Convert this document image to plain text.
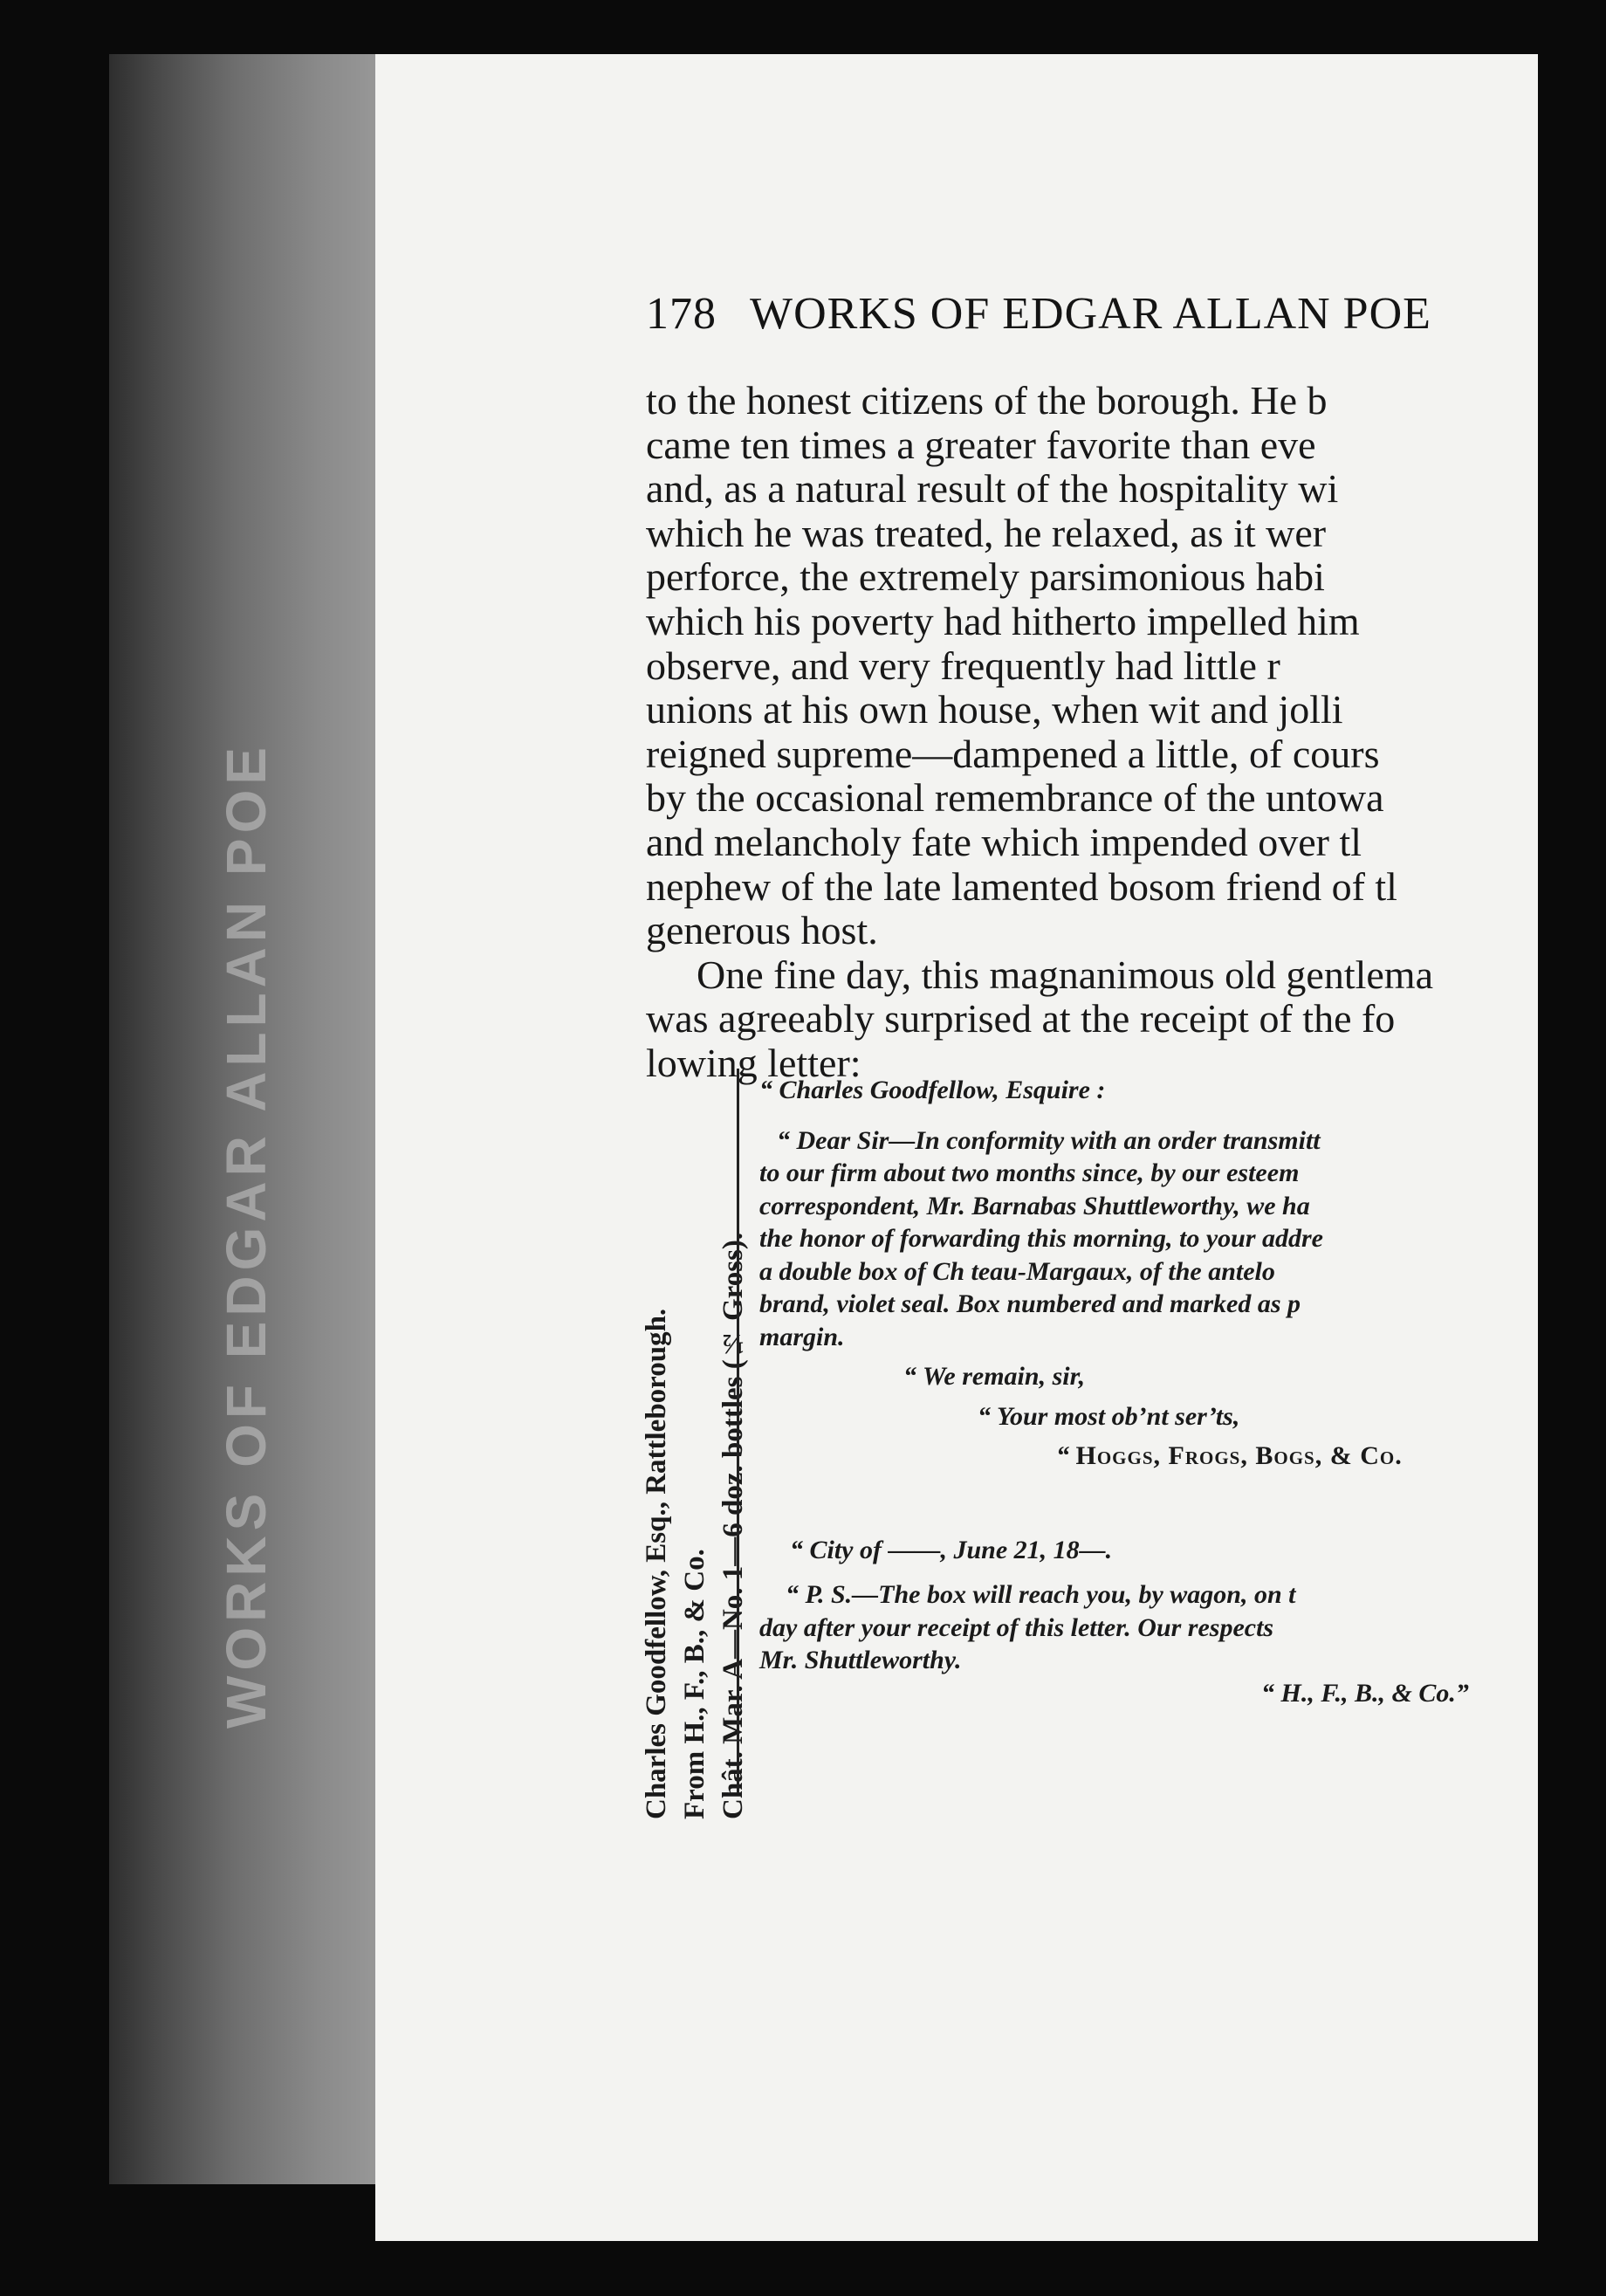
WORKS OF EDGAR ALLAN POE
178 WORKS OF EDGAR ALLAN POE
to the honest citizens of the borough. He b
came ten times a greater favorite than eve
and, as a natural result of the hospitality wi
which he was treated, he relaxed, as it wer
perforce, the extremely parsimonious habi
which his poverty had hitherto impelled him
observe, and very frequently had little r
unions at his own house, when wit and jolli
reigned supreme—dampened a little, of cours
by the occasional remembrance of the untowa
and melancholy fate which impended over tl
nephew of the late lamented bosom friend of tl
generous host.
One fine day, this magnanimous old gentlema
was agreeably surprised at the receipt of the fo
lowing letter:
Charles Goodfellow, Esq., Rattleborough. From H., F., B., & Co. Chât. Mar. A—No. 1—6 doz. bottles (½ Gross).
“ Charles Goodfellow, Esquire :
“ Dear Sir—In conformity with an order transmitt
to our firm about two months since, by our esteem
correspondent, Mr. Barnabas Shuttleworthy, we ha
the honor of forwarding this morning, to your addre
a double box of Ch teau-Margaux, of the antelo
brand, violet seal. Box numbered and marked as p
margin.
“ We remain, sir,
“ Your most ob’nt ser’ts,
“ Hoggs, Frogs, Bogs, & Co.
“ City of ——, June 21, 18—.
“ P. S.—The box will reach you, by wagon, on t
day after your receipt of this letter. Our respects
Mr. Shuttleworthy.
“ H., F., B., & Co.”
